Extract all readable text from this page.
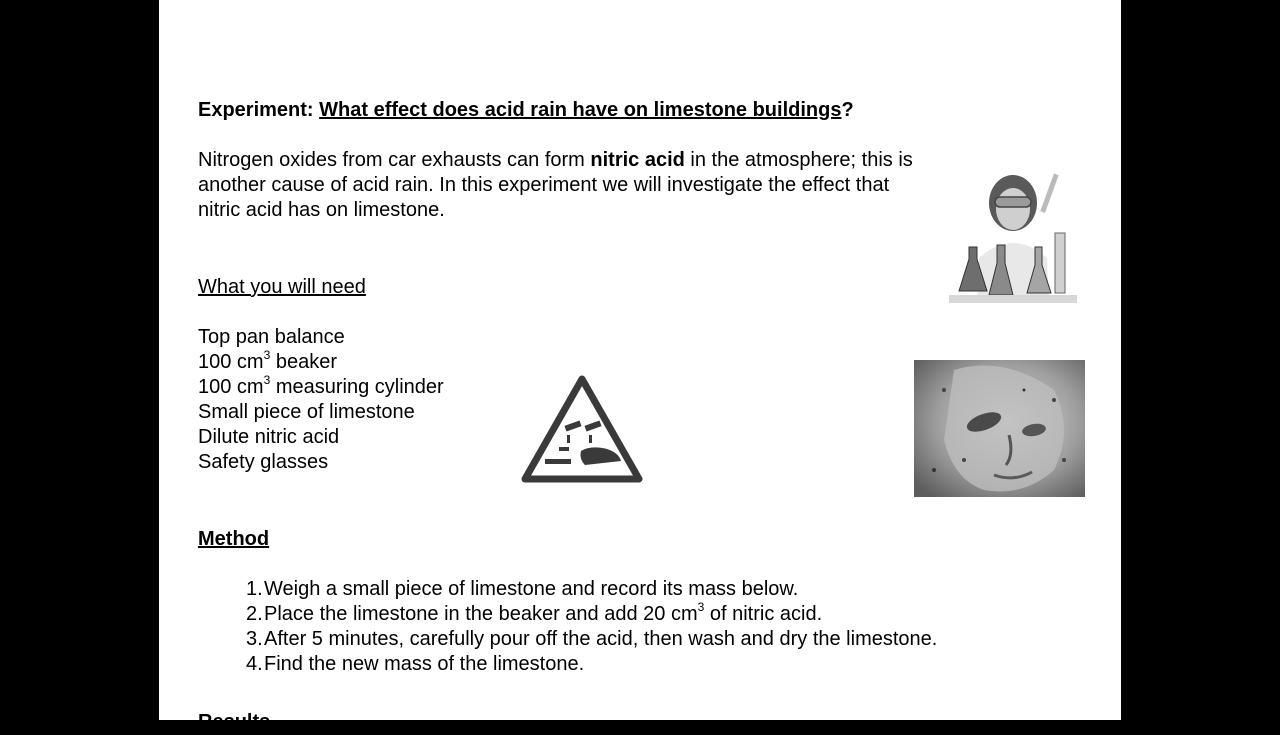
Experiment: What effect does acid rain have on limestone buildings?
Nitrogen oxides from car exhausts can form nitric acid in the atmosphere; this is another cause of acid rain. In this experiment we will investigate the effect that nitric acid has on limestone.
What you will need
Top pan balance
100 $cm^3$ beaker
100 $cm^3$ measuring cylinder
Small piece of limestone
Dilute nitric acid
Safety glasses
Method
1.Weigh a small piece of limestone and record its mass below.
2.Place the limestone in the beaker and add 20 $cm^3$ of nitric acid.
3.After 5 minutes, carefully pour off the acid, then wash and dry the limestone.
4.Find the new mass of the limestone.
Results
